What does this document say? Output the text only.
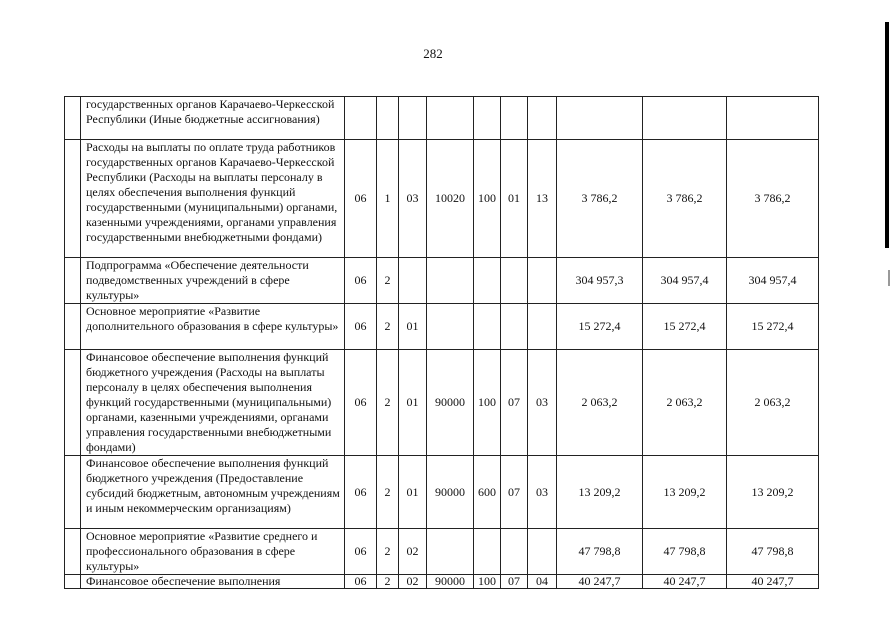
282
	государственных органов Карачаево-Черкесской Республики (Иные бюджетные ассигнования)										
	Расходы на выплаты по оплате труда работников государственных органов Карачаево-Черкесской Республики (Расходы на выплаты персоналу в целях обеспечения выполнения функций государственными (муниципальными) органами, казенными учреждениями, органами управления государственными внебюджетными фондами)	06	1	03	10020	100	01	13	3 786,2	3 786,2	3 786,2
	Подпрограмма «Обеспечение деятельности подведомственных учреждений в сфере культуры»	06	2						304 957,3	304 957,4	304 957,4
	Основное мероприятие «Развитие дополнительного образования в сфере культуры»	06	2	01					15 272,4	15 272,4	15 272,4
	Финансовое обеспечение выполнения функций бюджетного учреждения (Расходы на выплаты персоналу в целях обеспечения выполнения функций государственными (муниципальными) органами, казенными учреждениями, органами управления государственными внебюджетными фондами)	06	2	01	90000	100	07	03	2 063,2	2 063,2	2 063,2
	Финансовое обеспечение выполнения функций бюджетного учреждения (Предоставление субсидий бюджетным, автономным учреждениям и иным некоммерческим организациям)	06	2	01	90000	600	07	03	13 209,2	13 209,2	13 209,2
	Основное мероприятие «Развитие среднего и профессионального образования в сфере культуры»	06	2	02					47 798,8	47 798,8	47 798,8
	Финансовое обеспечение выполнения	06	2	02	90000	100	07	04	40 247,7	40 247,7	40 247,7
